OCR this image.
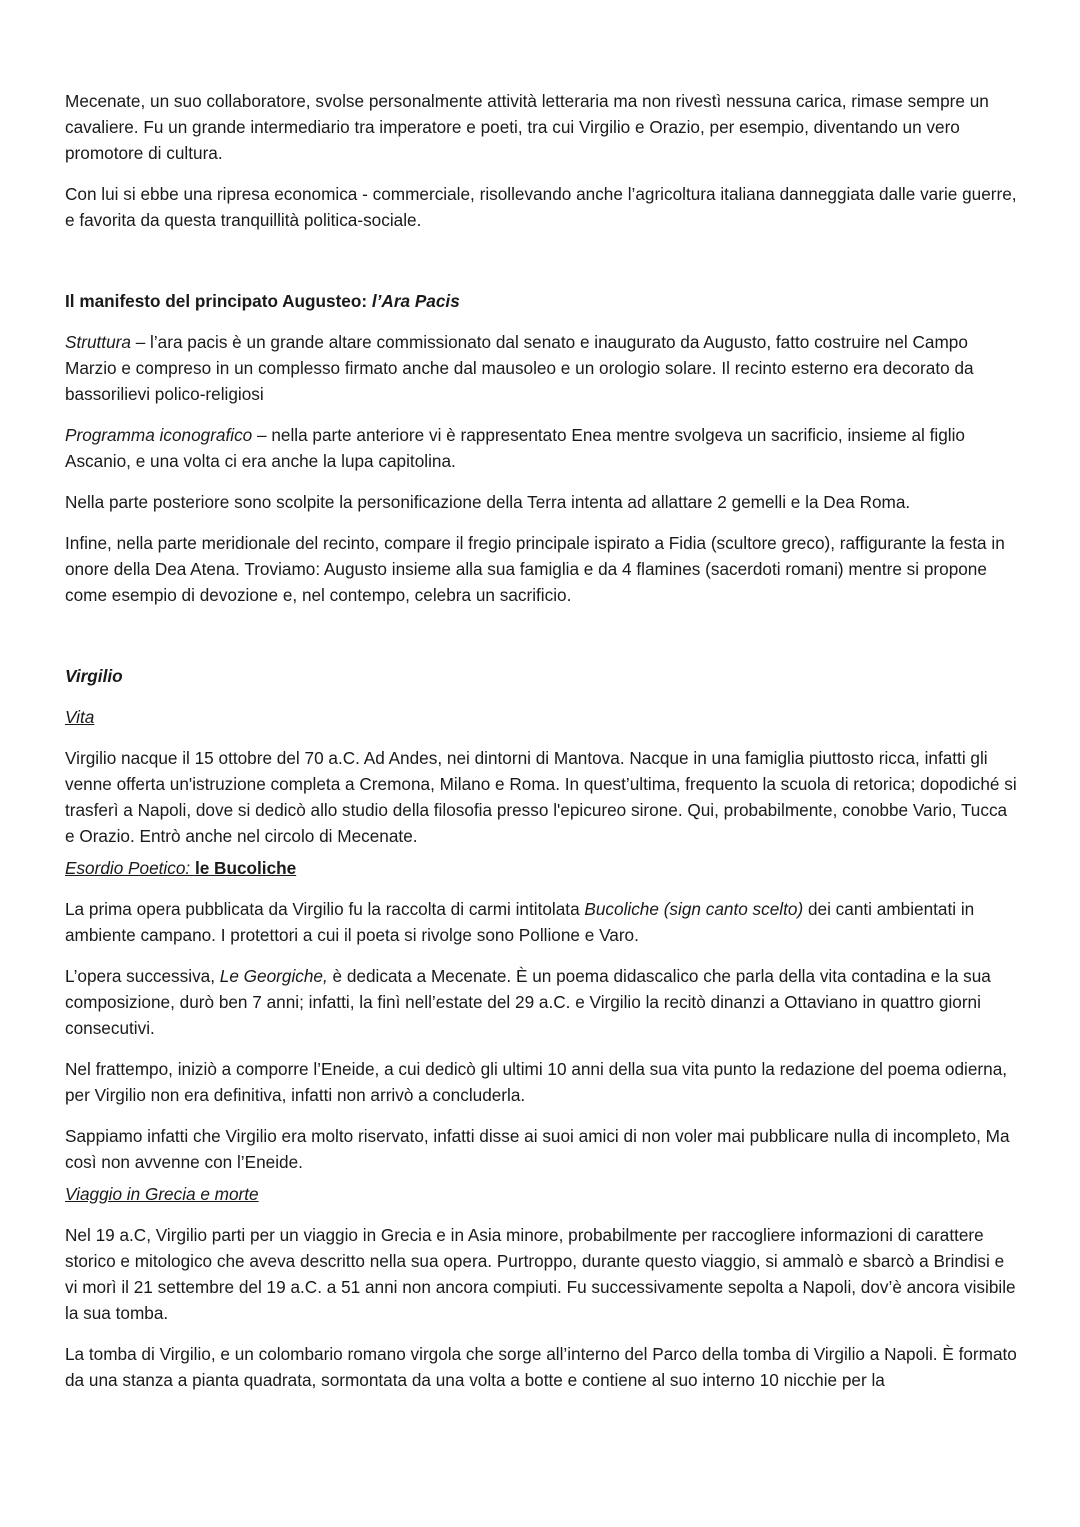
Mecenate, un suo collaboratore, svolse personalmente attività letteraria ma non rivestì nessuna carica, rimase sempre un cavaliere. Fu un grande intermediario tra imperatore e poeti, tra cui Virgilio e Orazio, per esempio, diventando un vero promotore di cultura.

Con lui si ebbe una ripresa economica - commerciale, risollevando anche l’agricoltura italiana danneggiata dalle varie guerre, e favorita da questa tranquillità politica-sociale.

Il manifesto del principato Augusteo: l’Ara Pacis

Struttura – l’ara pacis è un grande altare commissionato dal senato e inaugurato da Augusto, fatto costruire nel Campo Marzio e compreso in un complesso firmato anche dal mausoleo e un orologio solare. Il recinto esterno era decorato da bassorilievi polico-religiosi

Programma iconografico – nella parte anteriore vi è rappresentato Enea mentre svolgeva un sacrificio, insieme al figlio Ascanio, e una volta ci era anche la lupa capitolina.

Nella parte posteriore sono scolpite la personificazione della Terra intenta ad allattare 2 gemelli e la Dea Roma.

Infine, nella parte meridionale del recinto, compare il fregio principale ispirato a Fidia (scultore greco), raffigurante la festa in onore della Dea Atena. Troviamo: Augusto insieme alla sua famiglia e da 4 flamines (sacerdoti romani) mentre si propone come esempio di devozione e, nel contempo, celebra un sacrificio.

Virgilio

Vita

Virgilio nacque il 15 ottobre del 70 a.C. Ad Andes, nei dintorni di Mantova. Nacque in una famiglia piuttosto ricca, infatti gli venne offerta un'istruzione completa a Cremona, Milano e Roma. In quest’ultima, frequento la scuola di retorica; dopodiché si trasferì a Napoli, dove si dedicò allo studio della filosofia presso l'epicureo sirone. Qui, probabilmente, conobbe Vario, Tucca e Orazio. Entrò anche nel circolo di Mecenate.

Esordio Poetico: le Bucoliche

La prima opera pubblicata da Virgilio fu la raccolta di carmi intitolata Bucoliche (sign canto scelto) dei canti ambientati in ambiente campano. I protettori a cui il poeta si rivolge sono Pollione e Varo.

L’opera successiva, Le Georgiche, è dedicata a Mecenate. È un poema didascalico che parla della vita contadina e la sua composizione, durò ben 7 anni; infatti, la finì nell’estate del 29 a.C. e Virgilio la recitò dinanzi a Ottaviano in quattro giorni consecutivi.

Nel frattempo, iniziò a comporre l’Eneide, a cui dedicò gli ultimi 10 anni della sua vita punto la redazione del poema odierna, per Virgilio non era definitiva, infatti non arrivò a concluderla.

Sappiamo infatti che Virgilio era molto riservato, infatti disse ai suoi amici di non voler mai pubblicare nulla di incompleto, Ma così non avvenne con l’Eneide.

Viaggio in Grecia e morte

Nel 19 a.C, Virgilio parti per un viaggio in Grecia e in Asia minore, probabilmente per raccogliere informazioni di carattere storico e mitologico che aveva descritto nella sua opera. Purtroppo, durante questo viaggio, si ammalò e sbarcò a Brindisi e vi morì il 21 settembre del 19 a.C. a 51 anni non ancora compiuti. Fu successivamente sepolta a Napoli, dov’è ancora visibile la sua tomba.

La tomba di Virgilio, e un colombario romano virgola che sorge all’interno del Parco della tomba di Virgilio a Napoli. È formato da una stanza a pianta quadrata, sormontata da una volta a botte e contiene al suo interno 10 nicchie per la
